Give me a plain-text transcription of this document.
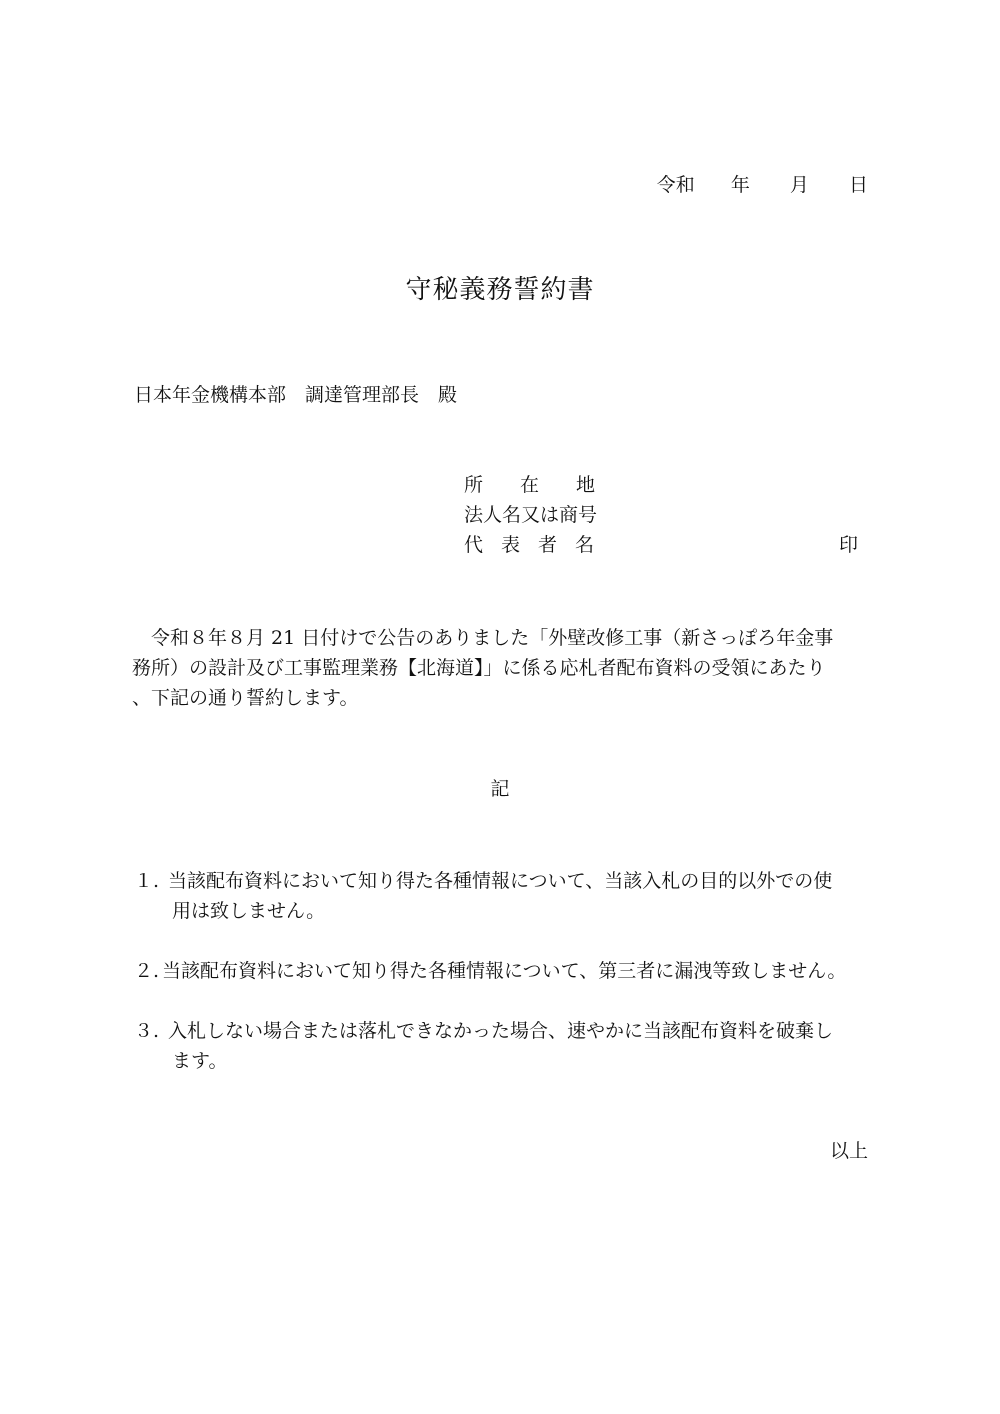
令和 年 月 日
守秘義務誓約書
日本年金機構本部 調達管理部長 殿
所在地
法人名又は商号
代表者名	印
令和８年８月 21 日付けで公告のありました「外壁改修工事（新さっぽろ年金事
務所）の設計及び工事監理業務【北海道】」に係る応札者配布資料の受領にあたり
、下記の通り誓約します。
記
１. 当該配布資料において知り得た各種情報について、当該入札の目的以外での使
用は致しません。
２. 当該配布資料において知り得た各種情報について、第三者に漏洩等致しません。
３. 入札しない場合または落札できなかった場合、速やかに当該配布資料を破棄し
ます。
以上
